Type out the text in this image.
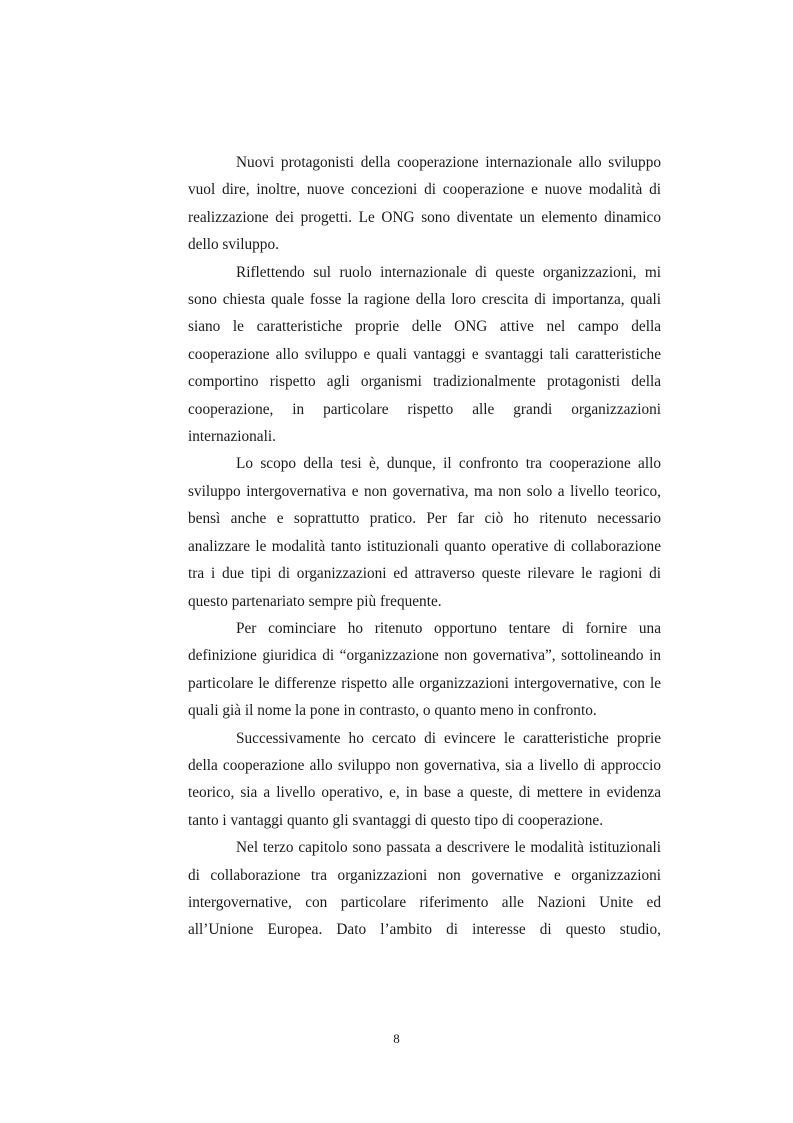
Nuovi protagonisti della cooperazione internazionale allo sviluppo vuol dire, inoltre, nuove concezioni di cooperazione e nuove modalità di realizzazione dei progetti. Le ONG sono diventate un elemento dinamico dello sviluppo.

Riflettendo sul ruolo internazionale di queste organizzazioni, mi sono chiesta quale fosse la ragione della loro crescita di importanza, quali siano le caratteristiche proprie delle ONG attive nel campo della cooperazione allo sviluppo e quali vantaggi e svantaggi tali caratteristiche comportino rispetto agli organismi tradizionalmente protagonisti della cooperazione, in particolare rispetto alle grandi organizzazioni internazionali.

Lo scopo della tesi è, dunque, il confronto tra cooperazione allo sviluppo intergovernativa e non governativa, ma non solo a livello teorico, bensì anche e soprattutto pratico. Per far ciò ho ritenuto necessario analizzare le modalità tanto istituzionali quanto operative di collaborazione tra i due tipi di organizzazioni ed attraverso queste rilevare le ragioni di questo partenariato sempre più frequente.

Per cominciare ho ritenuto opportuno tentare di fornire una definizione giuridica di “organizzazione non governativa”, sottolineando in particolare le differenze rispetto alle organizzazioni intergovernative, con le quali già il nome la pone in contrasto, o quanto meno in confronto.

Successivamente ho cercato di evincere le caratteristiche proprie della cooperazione allo sviluppo non governativa, sia a livello di approccio teorico, sia a livello operativo, e, in base a queste, di mettere in evidenza tanto i vantaggi quanto gli svantaggi di questo tipo di cooperazione.

Nel terzo capitolo sono passata a descrivere le modalità istituzionali di collaborazione tra organizzazioni non governative e organizzazioni intergovernative, con particolare riferimento alle Nazioni Unite ed all’Unione Europea. Dato l’ambito di interesse di questo studio,

8
